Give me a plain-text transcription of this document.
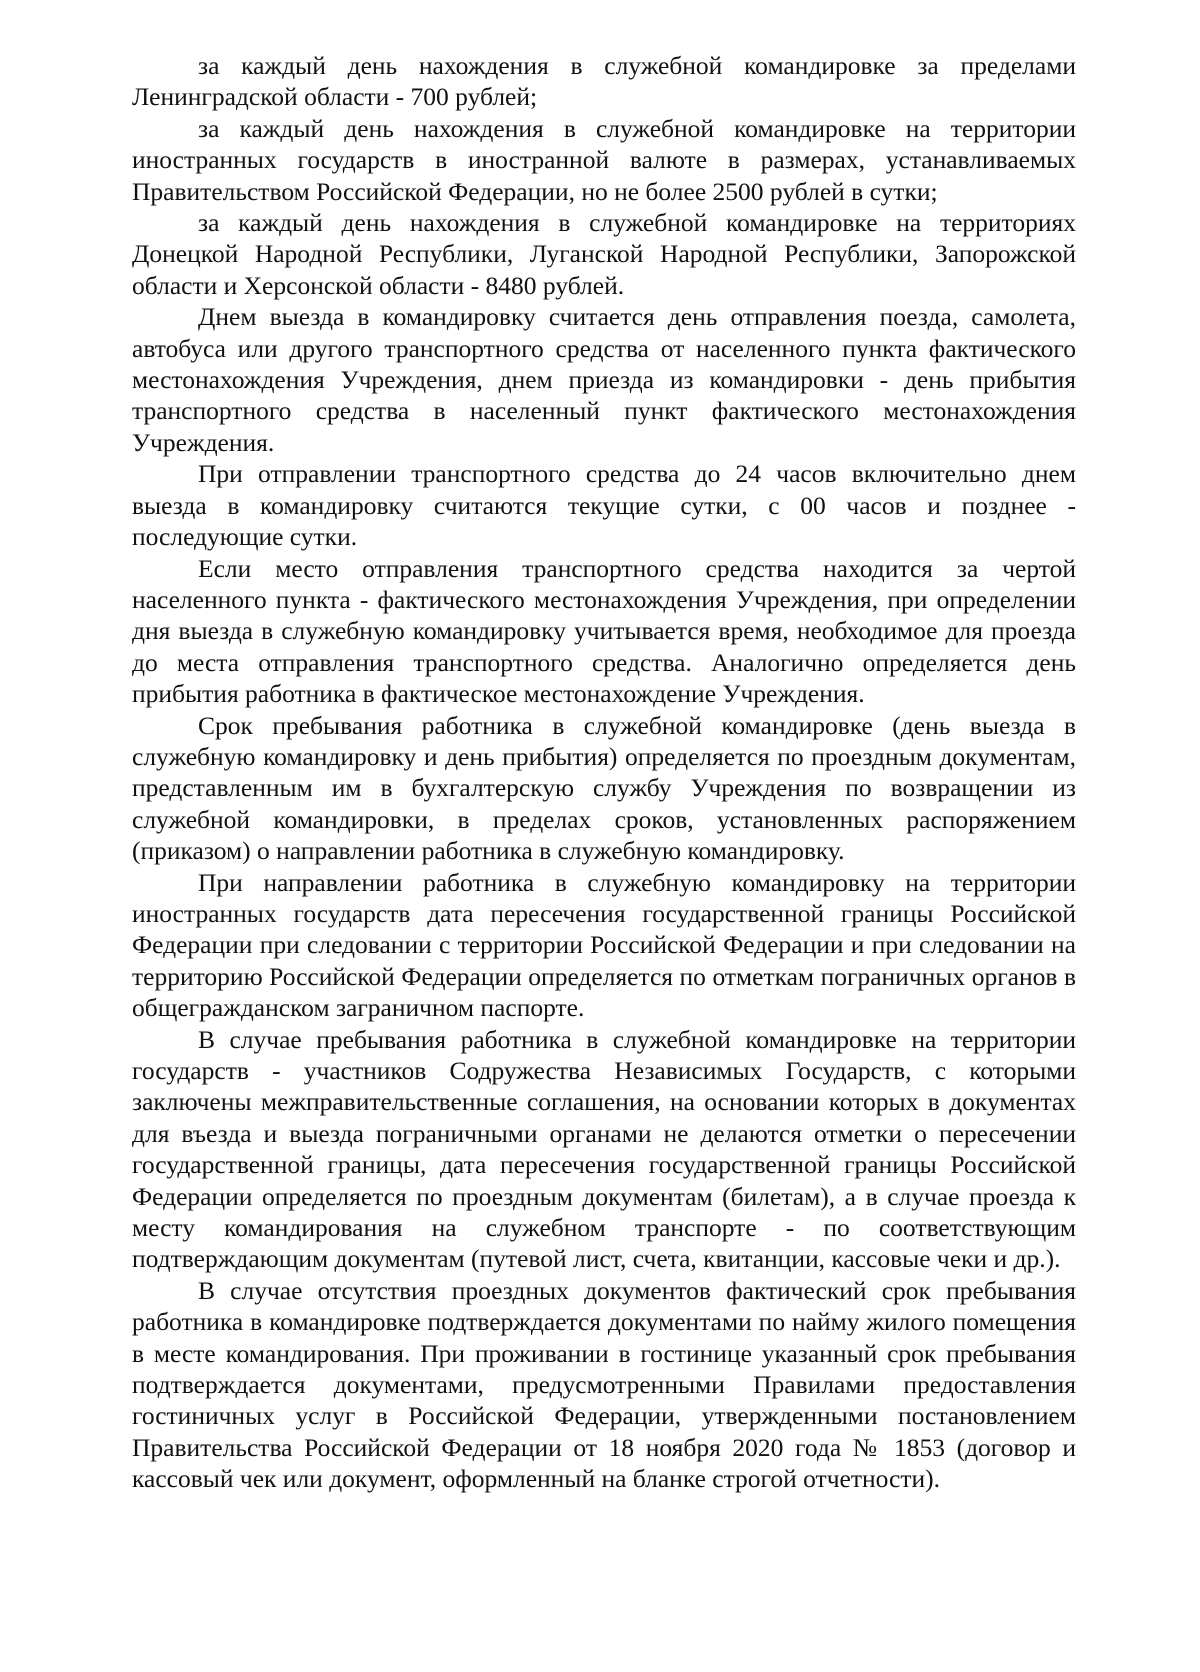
за каждый день нахождения в служебной командировке за пределами Ленинградской области - 700 рублей;

за каждый день нахождения в служебной командировке на территории иностранных государств в иностранной валюте в размерах, устанавливаемых Правительством Российской Федерации, но не более 2500 рублей в сутки;

за каждый день нахождения в служебной командировке на территориях Донецкой Народной Республики, Луганской Народной Республики, Запорожской области и Херсонской области - 8480 рублей.

Днем выезда в командировку считается день отправления поезда, самолета, автобуса или другого транспортного средства от населенного пункта фактического местонахождения Учреждения, днем приезда из командировки - день прибытия транспортного средства в населенный пункт фактического местонахождения Учреждения.

При отправлении транспортного средства до 24 часов включительно днем выезда в командировку считаются текущие сутки, с 00 часов и позднее - последующие сутки.

Если место отправления транспортного средства находится за чертой населенного пункта - фактического местонахождения Учреждения, при определении дня выезда в служебную командировку учитывается время, необходимое для проезда до места отправления транспортного средства. Аналогично определяется день прибытия работника в фактическое местонахождение Учреждения.

Срок пребывания работника в служебной командировке (день выезда в служебную командировку и день прибытия) определяется по проездным документам, представленным им в бухгалтерскую службу Учреждения по возвращении из служебной командировки, в пределах сроков, установленных распоряжением (приказом) о направлении работника в служебную командировку.

При направлении работника в служебную командировку на территории иностранных государств дата пересечения государственной границы Российской Федерации при следовании с территории Российской Федерации и при следовании на территорию Российской Федерации определяется по отметкам пограничных органов в общегражданском заграничном паспорте.

В случае пребывания работника в служебной командировке на территории государств - участников Содружества Независимых Государств, с которыми заключены межправительственные соглашения, на основании которых в документах для въезда и выезда пограничными органами не делаются отметки о пересечении государственной границы, дата пересечения государственной границы Российской Федерации определяется по проездным документам (билетам), а в случае проезда к месту командирования на служебном транспорте - по соответствующим подтверждающим документам (путевой лист, счета, квитанции, кассовые чеки и др.).

В случае отсутствия проездных документов фактический срок пребывания работника в командировке подтверждается документами по найму жилого помещения в месте командирования. При проживании в гостинице указанный срок пребывания подтверждается документами, предусмотренными Правилами предоставления гостиничных услуг в Российской Федерации, утвержденными постановлением Правительства Российской Федерации от 18 ноября 2020 года № 1853 (договор и кассовый чек или документ, оформленный на бланке строгой отчетности).
